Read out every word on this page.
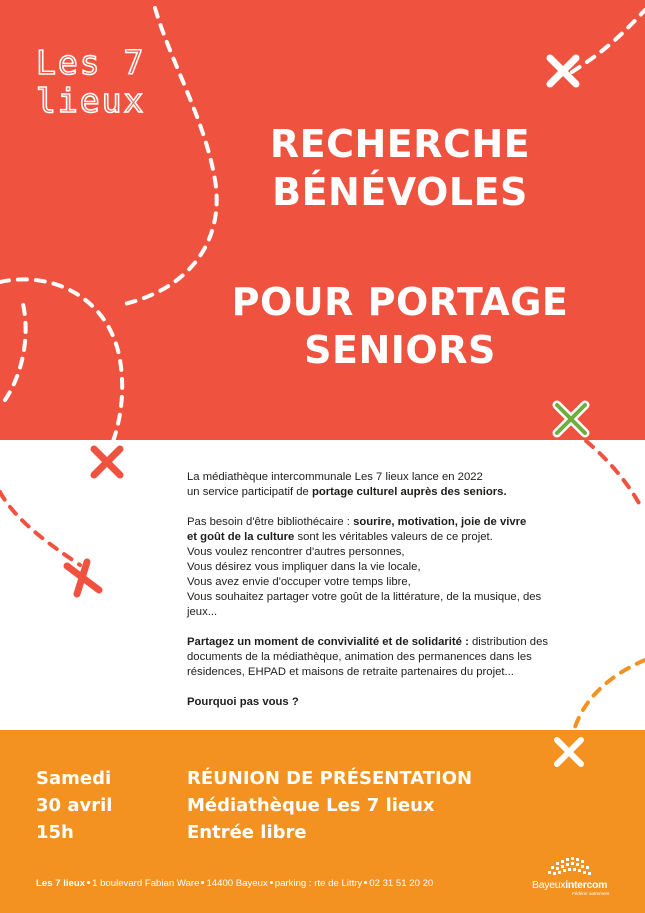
Les 7
lieux
RECHERCHE
BÉNÉVOLES
POUR PORTAGE
SENIORS

La médiathèque intercommunale Les 7 lieux lance en 2022
un service participatif de portage culturel auprès des seniors.

Pas besoin d'être bibliothécaire : sourire, motivation, joie de vivre
et goût de la culture sont les véritables valeurs de ce projet.
Vous voulez rencontrer d'autres personnes,
Vous désirez vous impliquer dans la vie locale,
Vous avez envie d'occuper votre temps libre,
Vous souhaitez partager votre goût de la littérature, de la musique, des
jeux...

Partagez un moment de convivialité et de solidarité : distribution des
documents de la médiathèque, animation des permanences dans les
résidences, EHPAD et maisons de retraite partenaires du projet...

Pourquoi pas vous ?

Samedi
30 avril
15h
RÉUNION DE PRÉSENTATION
Médiathèque Les 7 lieux
Entrée libre
Les 7 lieux 1 boulevard Fabian Ware 14400 Bayeux parking : rte de Littry 02 31 51 20 20	Bayeuxintercom
Fédérer autrement
